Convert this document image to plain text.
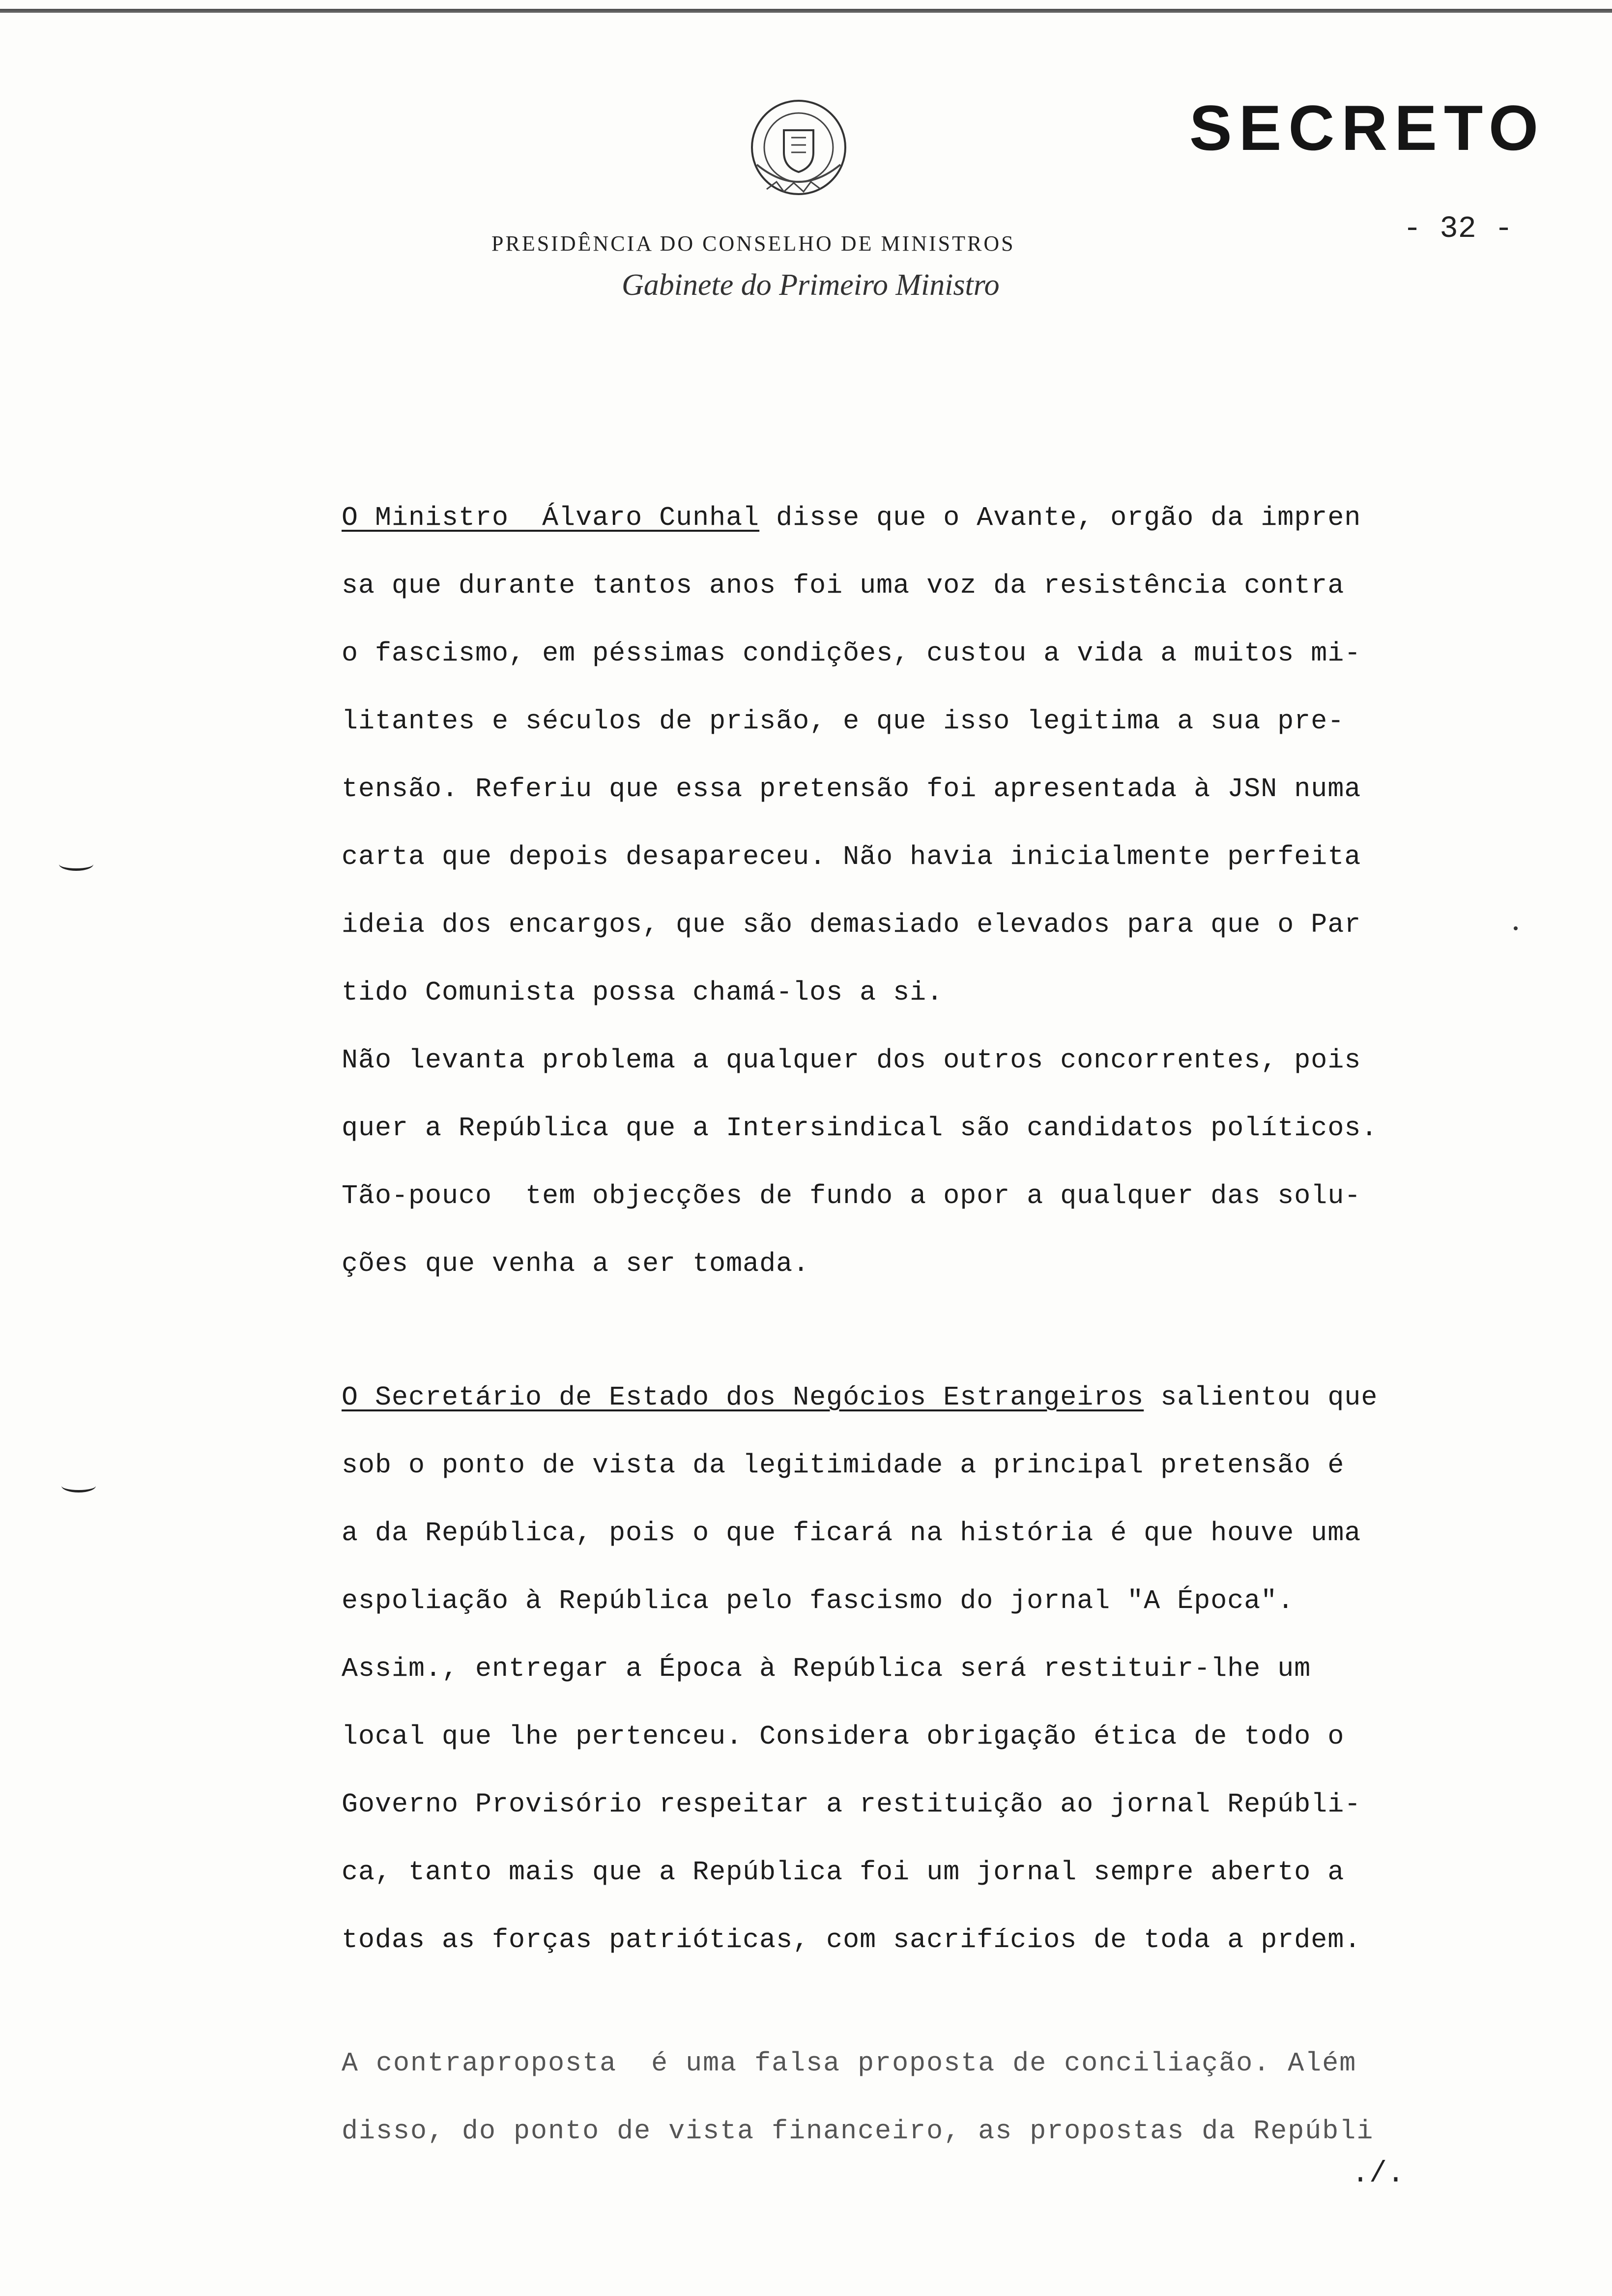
SECRETO
- 32 -
PRESIDÊNCIA DO CONSELHO DE MINISTROS
Gabinete do Primeiro Ministro
O Ministro  Álvaro Cunhal disse que o Avante, orgão da impren
sa que durante tantos anos foi uma voz da resistência contra
o fascismo, em péssimas condições, custou a vida a muitos mi-
litantes e séculos de prisão, e que isso legitima a sua pre-
tensão. Referiu que essa pretensão foi apresentada à JSN numa
carta que depois desapareceu. Não havia inicialmente perfeita
ideia dos encargos, que são demasiado elevados para que o Par
tido Comunista possa chamá-los a si.
Não levanta problema a qualquer dos outros concorrentes, pois
quer a República que a Intersindical são candidatos políticos.
Tão-pouco  tem objecções de fundo a opor a qualquer das solu-
ções que venha a ser tomada.
O Secretário de Estado dos Negócios Estrangeiros salientou que
sob o ponto de vista da legitimidade a principal pretensão é
a da República, pois o que ficará na história é que houve uma
espoliação à República pelo fascismo do jornal "A Época".
Assim., entregar a Época à República será restituir-lhe um
local que lhe pertenceu. Considera obrigação ética de todo o
Governo Provisório respeitar a restituição ao jornal Repúbli-
ca, tanto mais que a República foi um jornal sempre aberto a
todas as forças patrióticas, com sacrifícios de toda a prdem.
A contraproposta  é uma falsa proposta de conciliação. Além
disso, do ponto de vista financeiro, as propostas da Repúbli
./.
